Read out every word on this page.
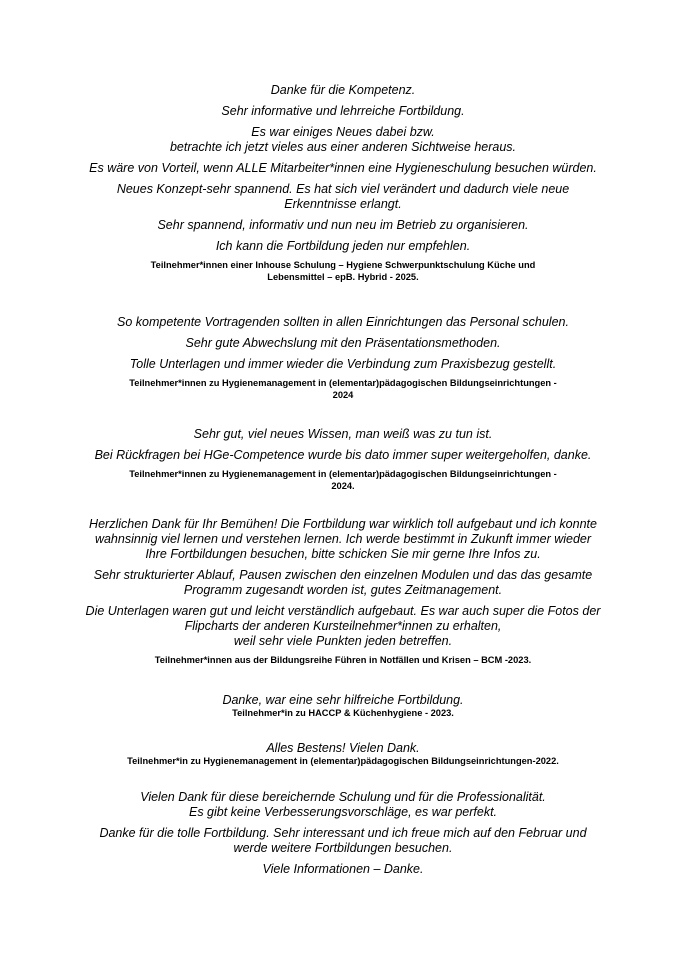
Danke für die Kompetenz.

Sehr informative und lehrreiche Fortbildung.

Es war einiges Neues dabei bzw.
betrachte ich jetzt vieles aus einer anderen Sichtweise heraus.

Es wäre von Vorteil, wenn ALLE Mitarbeiter*innen eine Hygieneschulung besuchen würden.

Neues Konzept-sehr spannend. Es hat sich viel verändert und dadurch viele neue
Erkenntnisse erlangt.

Sehr spannend, informativ und nun neu im Betrieb zu organisieren.

Ich kann die Fortbildung jeden nur empfehlen.

Teilnehmer*innen einer Inhouse Schulung – Hygiene Schwerpunktschulung Küche und
Lebensmittel – epB. Hybrid - 2025.

So kompetente Vortragenden sollten in allen Einrichtungen das Personal schulen.

Sehr gute Abwechslung mit den Präsentationsmethoden.

Tolle Unterlagen und immer wieder die Verbindung zum Praxisbezug gestellt.

Teilnehmer*innen zu Hygienemanagement in (elementar)pädagogischen Bildungseinrichtungen -
2024

Sehr gut, viel neues Wissen, man weiß was zu tun ist.

Bei Rückfragen bei HGe-Competence wurde bis dato immer super weitergeholfen, danke.

Teilnehmer*innen zu Hygienemanagement in (elementar)pädagogischen Bildungseinrichtungen -
2024.

Herzlichen Dank für Ihr Bemühen! Die Fortbildung war wirklich toll aufgebaut und ich konnte
wahnsinnig viel lernen und verstehen lernen. Ich werde bestimmt in Zukunft immer wieder
Ihre Fortbildungen besuchen, bitte schicken Sie mir gerne Ihre Infos zu.

Sehr strukturierter Ablauf, Pausen zwischen den einzelnen Modulen und das das gesamte
Programm zugesandt worden ist, gutes Zeitmanagement.

Die Unterlagen waren gut und leicht verständlich aufgebaut. Es war auch super die Fotos der
Flipcharts der anderen Kursteilnehmer*innen zu erhalten,
weil sehr viele Punkten jeden betreffen.

Teilnehmer*innen aus der Bildungsreihe Führen in Notfällen und Krisen – BCM -2023.

Danke, war eine sehr hilfreiche Fortbildung.

Teilnehmer*in zu HACCP & Küchenhygiene - 2023.

Alles Bestens! Vielen Dank.

Teilnehmer*in zu Hygienemanagement in (elementar)pädagogischen Bildungseinrichtungen-2022.

Vielen Dank für diese bereichernde Schulung und für die Professionalität.
Es gibt keine Verbesserungsvorschläge, es war perfekt.

Danke für die tolle Fortbildung. Sehr interessant und ich freue mich auf den Februar und
werde weitere Fortbildungen besuchen.

Viele Informationen – Danke.
